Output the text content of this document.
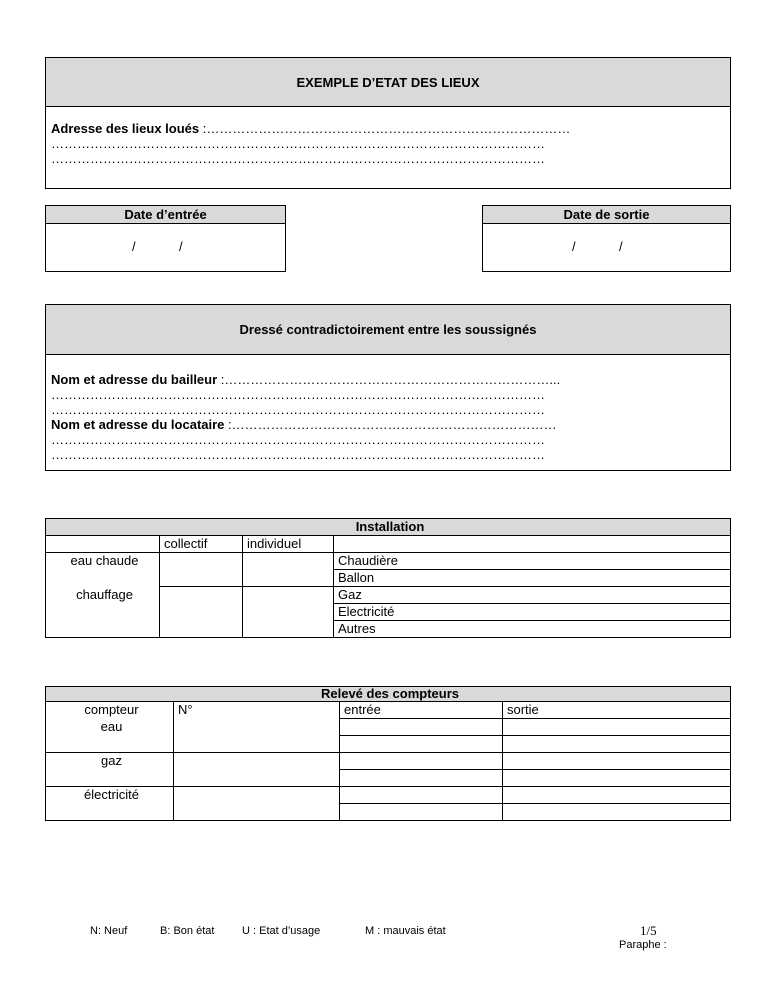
EXEMPLE D’ETAT DES LIEUX
Adresse des lieux loués :…………………………………………………………………………
……………………………………………………………………………………………………
……………………………………………………………………………………………………
Date d’entrée
/            /
Date de sortie
/            /
Dressé contradictoirement entre les soussignés
Nom et adresse du bailleur :…………………………………………………………………...
……………………………………………………………………………………………………
……………………………………………………………………………………………………
Nom et adresse du locataire :…………………………………………………………………
……………………………………………………………………………………………………
……………………………………………………………………………………………………
Installation			
	collectif	individuel	
eau chaude			Chaudière
			Ballon
chauffage			Gaz
			Electricité
			Autres
Relevé des compteurs			
compteur	N°	entrée	sortie
eau			

gaz			

électricité			

N: Neuf	B: Bon état	U : Etat d’usage	M : mauvais état	1/5
Paraphe :
